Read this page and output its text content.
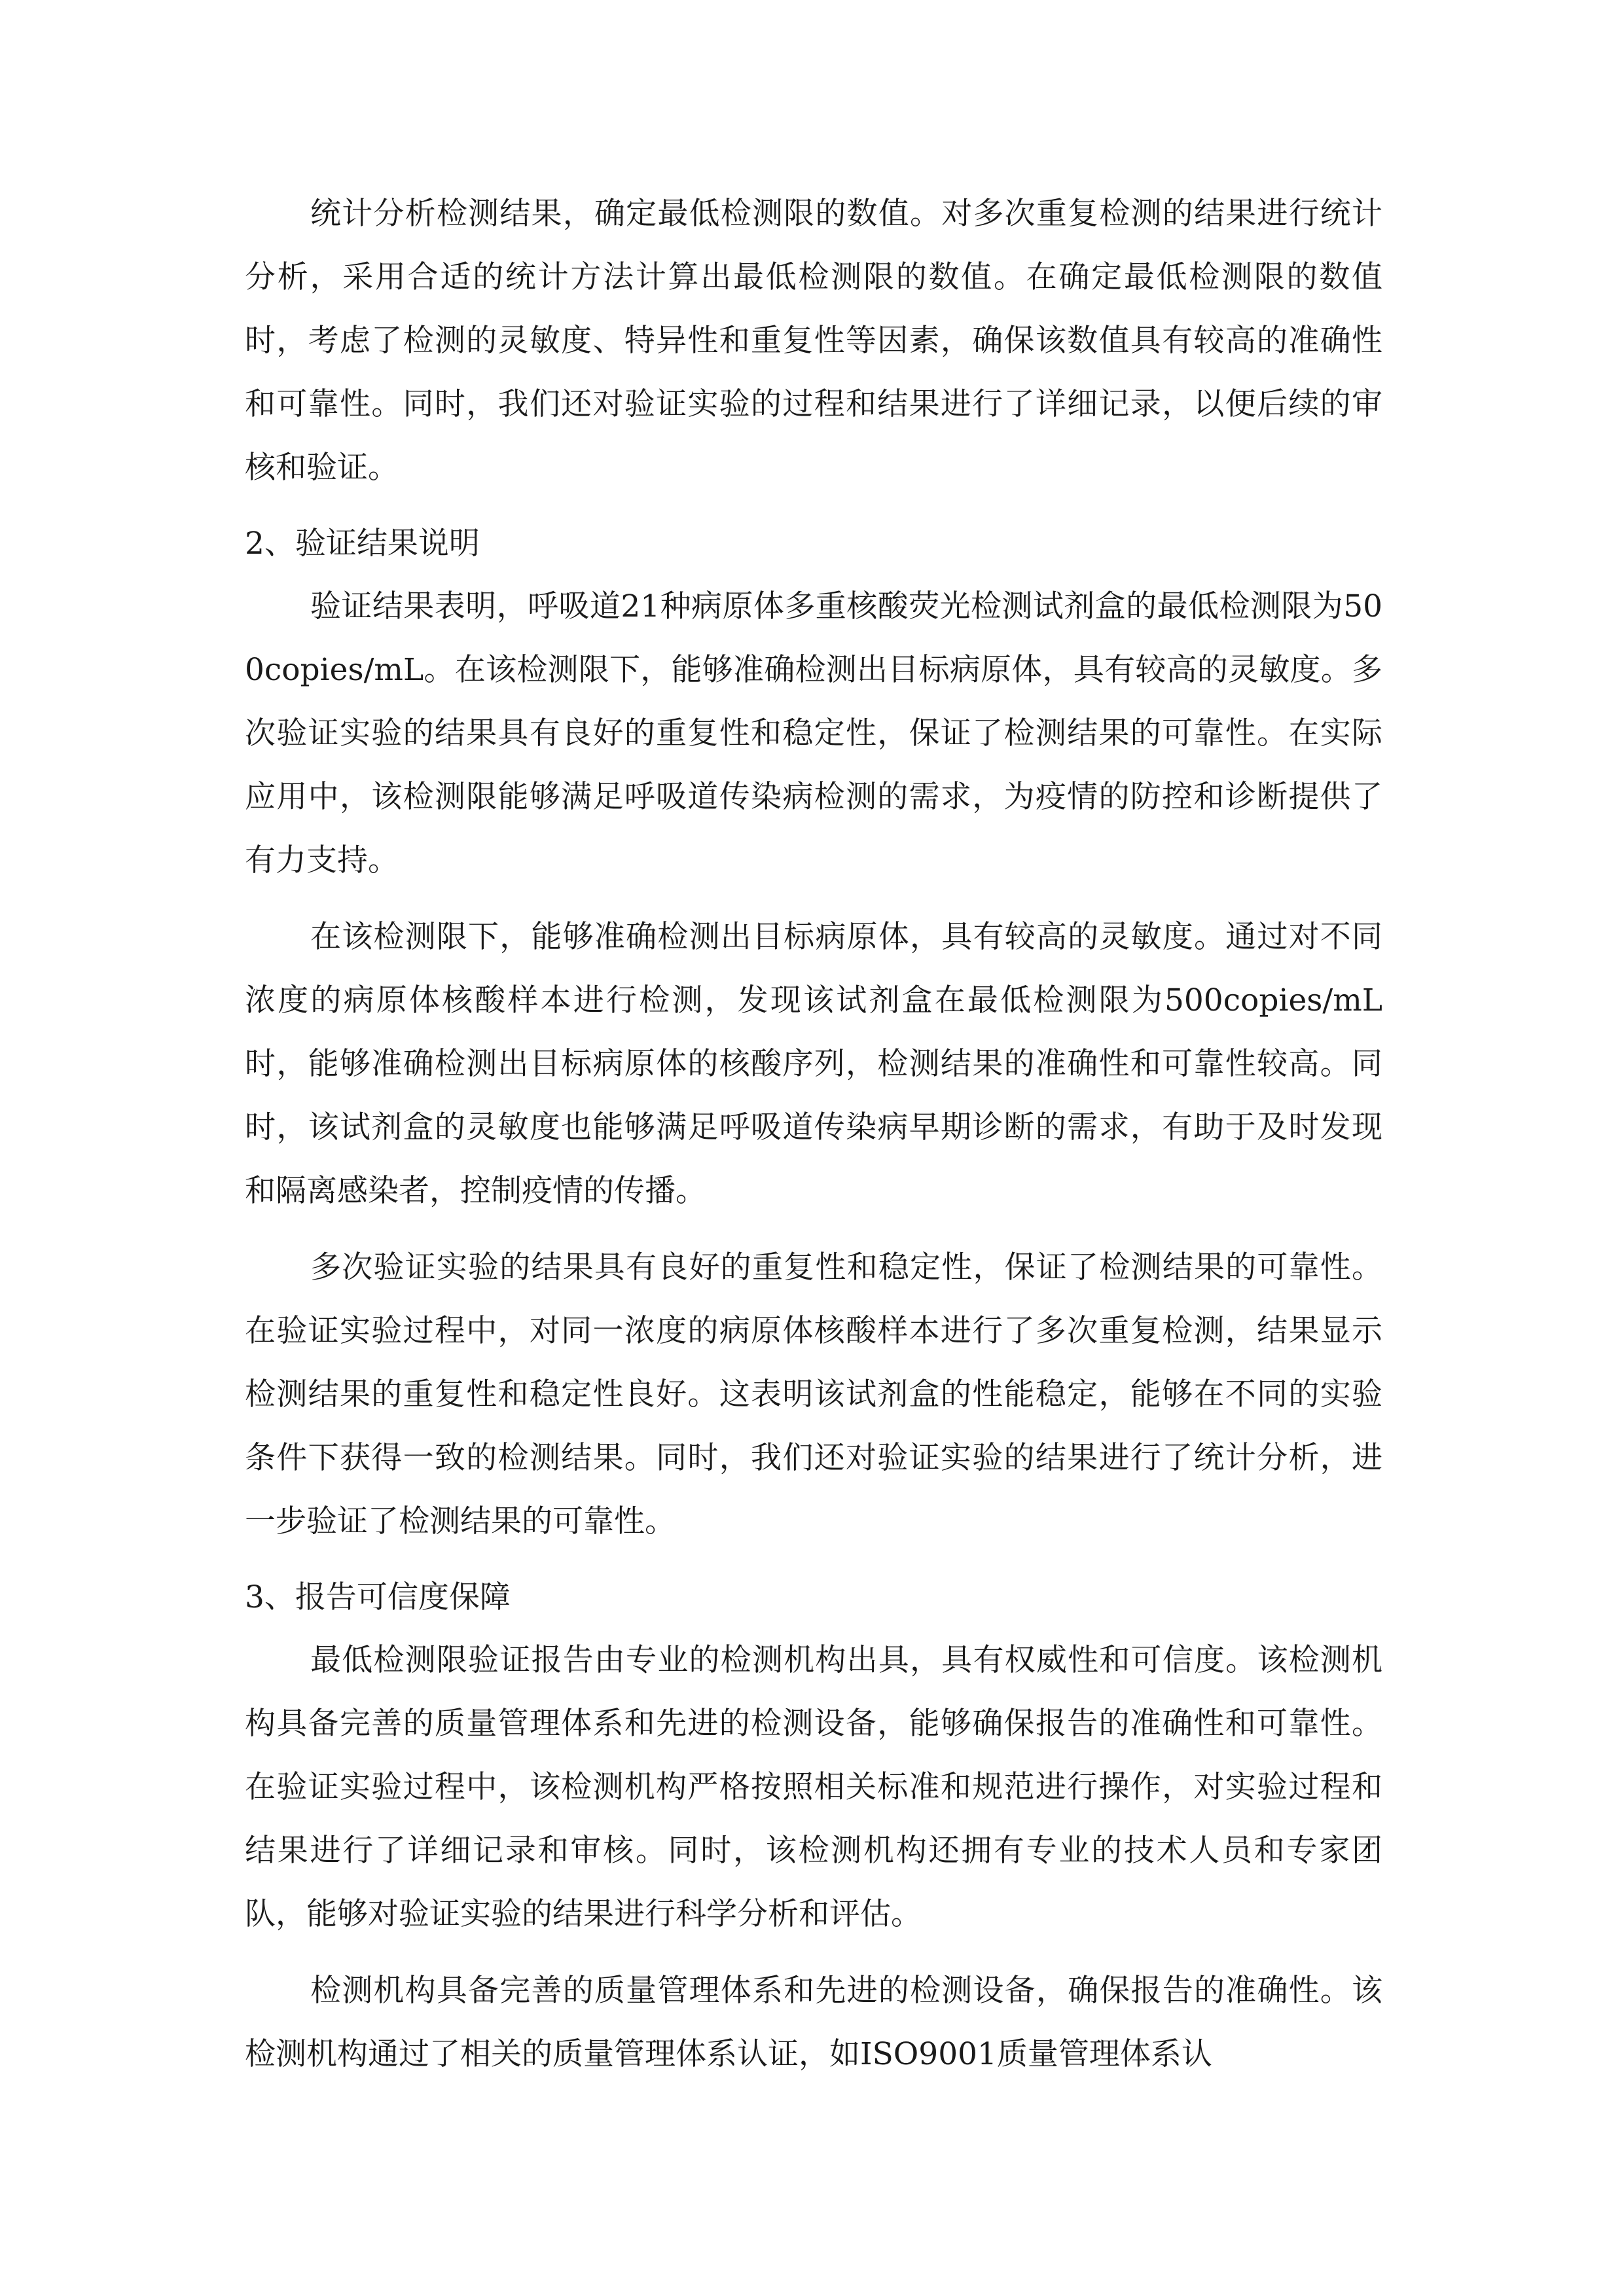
统计分析检测结果，确定最低检测限的数值。对多次重复检测的结果进行统计分析，采用合适的统计方法计算出最低检测限的数值。在确定最低检测限的数值时，考虑了检测的灵敏度、特异性和重复性等因素，确保该数值具有较高的准确性和可靠性。同时，我们还对验证实验的过程和结果进行了详细记录，以便后续的审核和验证。

2、验证结果说明

验证结果表明，呼吸道21种病原体多重核酸荧光检测试剂盒的最低检测限为500copies/mL。在该检测限下，能够准确检测出目标病原体，具有较高的灵敏度。多次验证实验的结果具有良好的重复性和稳定性，保证了检测结果的可靠性。在实际应用中，该检测限能够满足呼吸道传染病检测的需求，为疫情的防控和诊断提供了有力支持。

在该检测限下，能够准确检测出目标病原体，具有较高的灵敏度。通过对不同浓度的病原体核酸样本进行检测，发现该试剂盒在最低检测限为500copies/mL时，能够准确检测出目标病原体的核酸序列，检测结果的准确性和可靠性较高。同时，该试剂盒的灵敏度也能够满足呼吸道传染病早期诊断的需求，有助于及时发现和隔离感染者，控制疫情的传播。

多次验证实验的结果具有良好的重复性和稳定性，保证了检测结果的可靠性。在验证实验过程中，对同一浓度的病原体核酸样本进行了多次重复检测，结果显示检测结果的重复性和稳定性良好。这表明该试剂盒的性能稳定，能够在不同的实验条件下获得一致的检测结果。同时，我们还对验证实验的结果进行了统计分析，进一步验证了检测结果的可靠性。

3、报告可信度保障

最低检测限验证报告由专业的检测机构出具，具有权威性和可信度。该检测机构具备完善的质量管理体系和先进的检测设备，能够确保报告的准确性和可靠性。在验证实验过程中，该检测机构严格按照相关标准和规范进行操作，对实验过程和结果进行了详细记录和审核。同时，该检测机构还拥有专业的技术人员和专家团队，能够对验证实验的结果进行科学分析和评估。

检测机构具备完善的质量管理体系和先进的检测设备，确保报告的准确性。该检测机构通过了相关的质量管理体系认证，如ISO9001质量管理体系认
